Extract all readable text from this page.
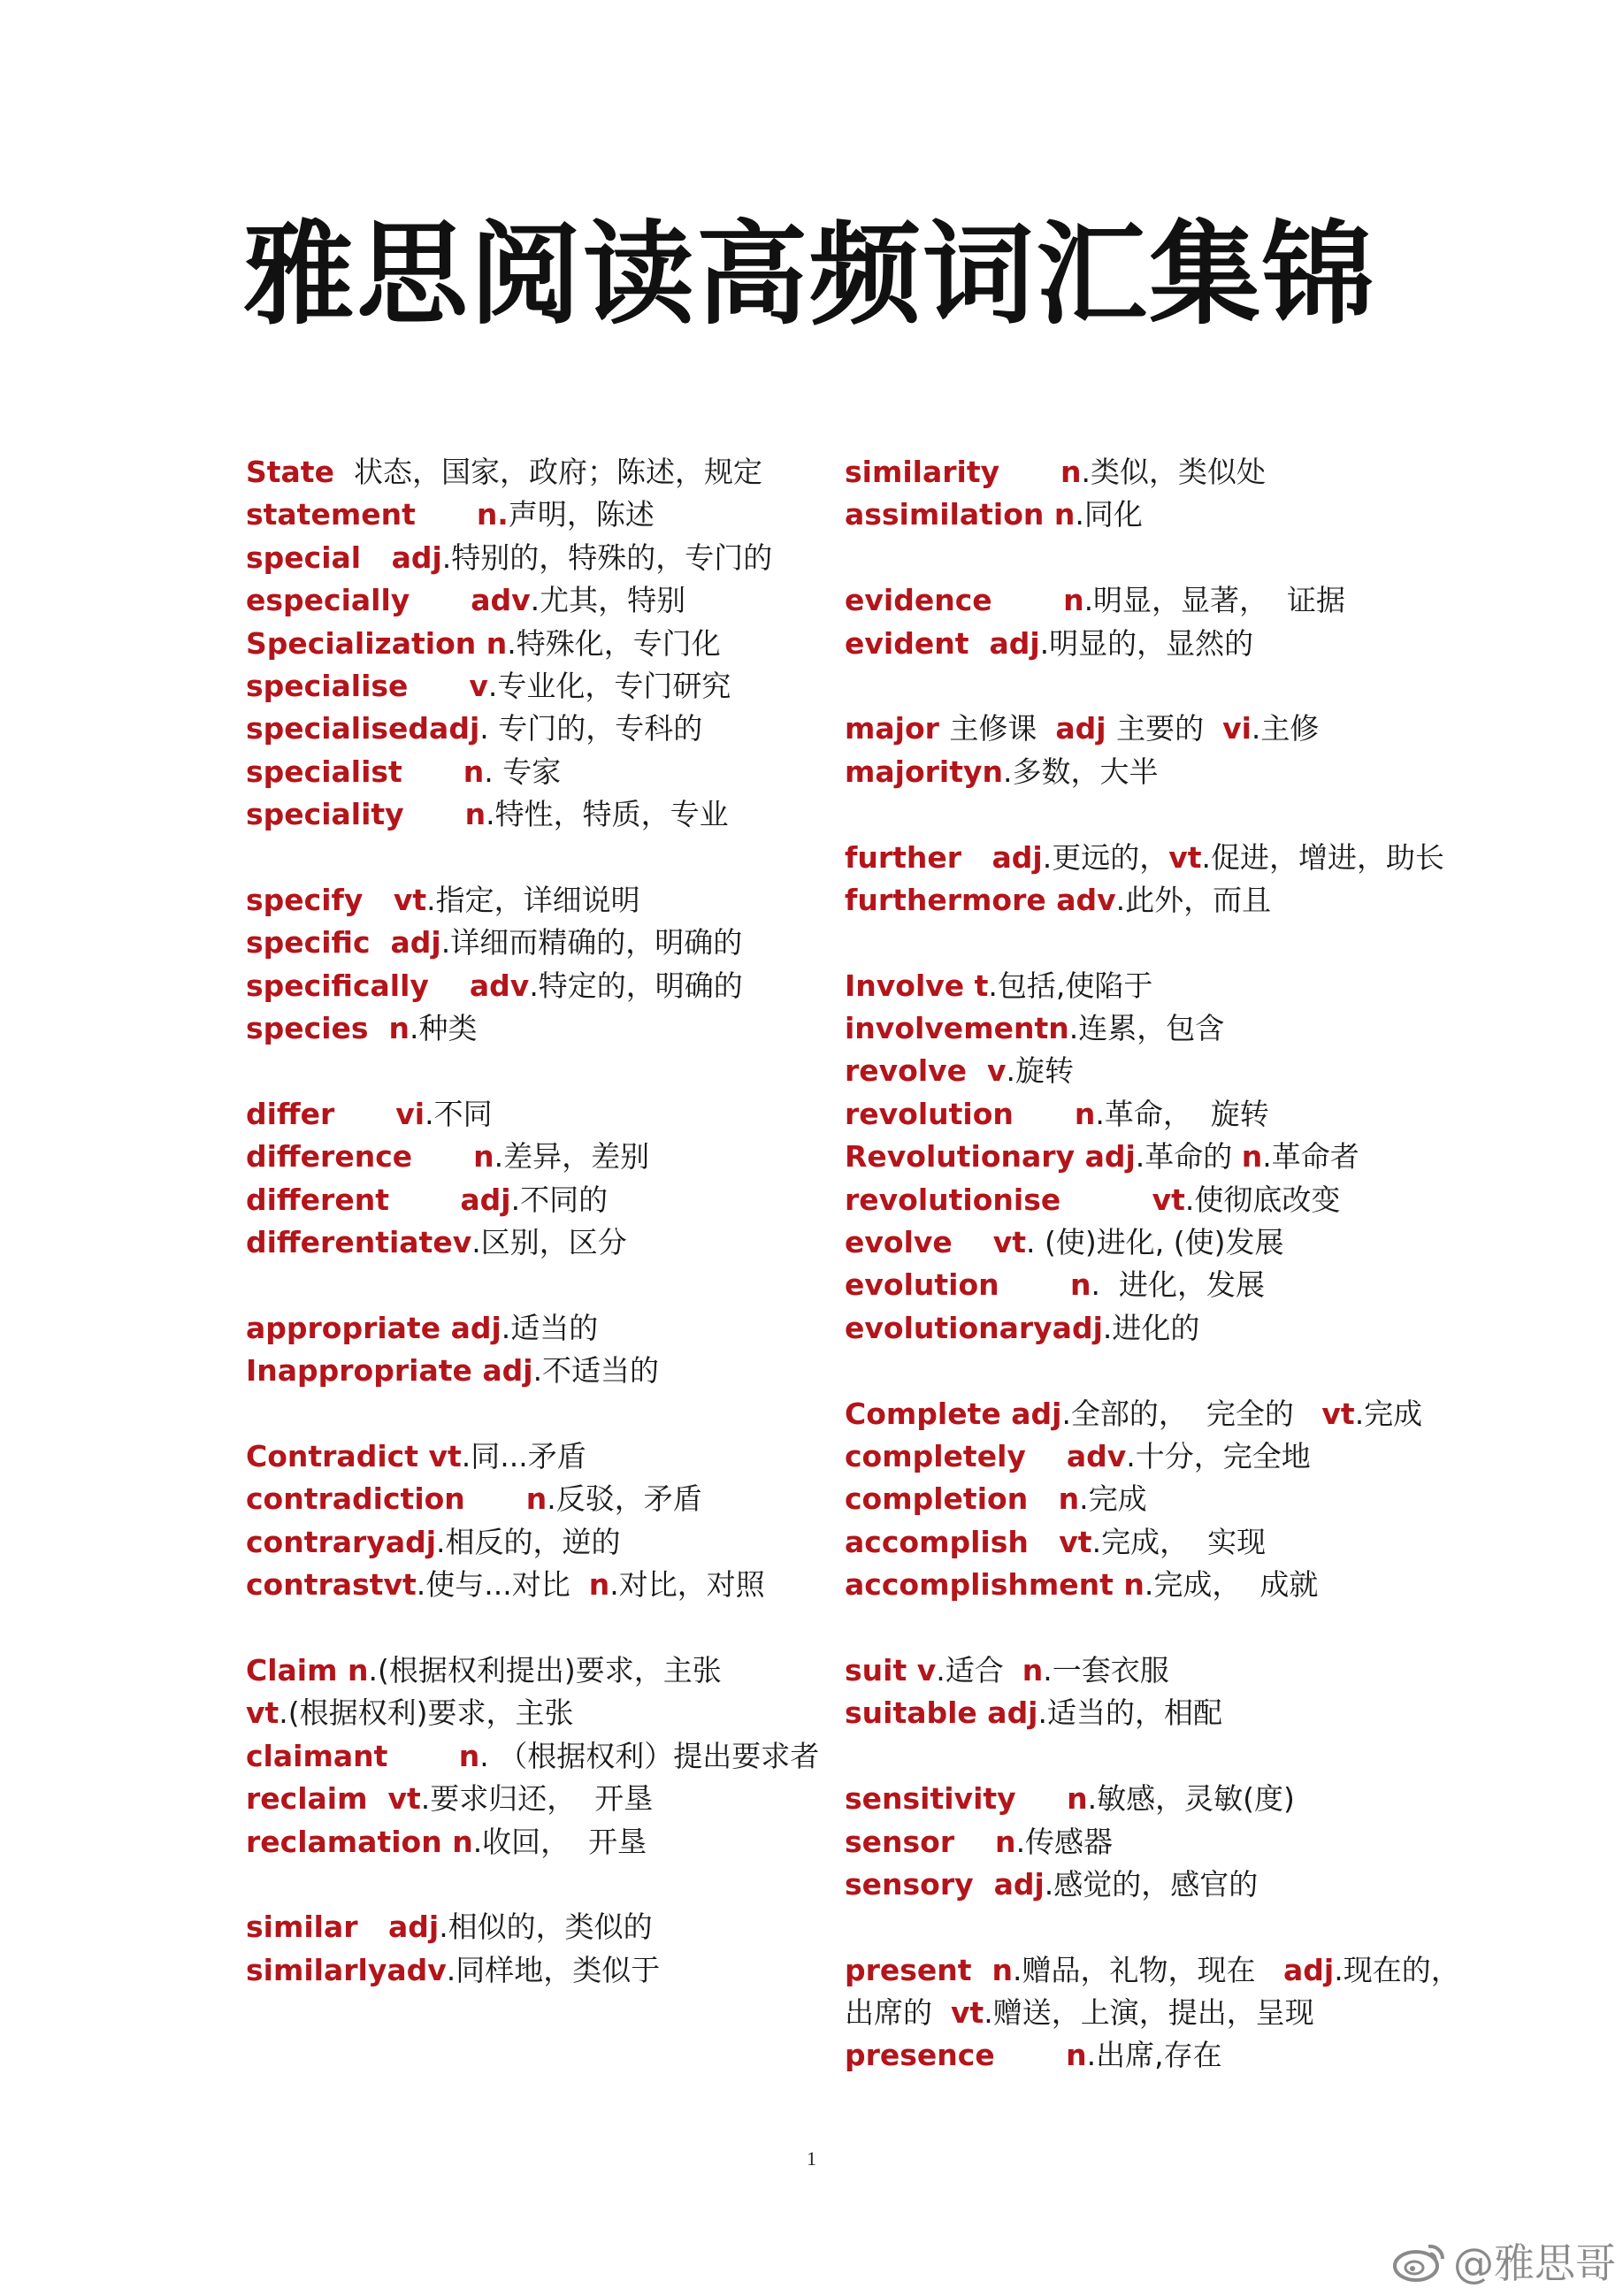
雅思阅读高频词汇集锦
State  状态，国家，政府；陈述，规定
statement      n.声明，陈述
special   adj.特别的，特殊的，专门的
especially      adv.尤其，特别
Specialization n.特殊化，专门化
specialise      v.专业化，专门研究
specialisedadj. 专门的，专科的
specialist      n. 专家
speciality      n.特性，特质，专业
specify   vt.指定，详细说明
specific  adj.详细而精确的，明确的
specifically    adv.特定的，明确的
species  n.种类
differ      vi.不同
difference      n.差异，差别
different       adj.不同的
differentiatev.区别，区分
appropriate adj.适当的
Inappropriate adj.不适当的
Contradict vt.同...矛盾
contradiction      n.反驳，矛盾
contraryadj.相反的，逆的
contrastvt.使与...对比  n.对比，对照
Claim n.(根据权利提出)要求，主张
vt.(根据权利)要求，主张
claimant       n. （根据权利）提出要求者
reclaim  vt.要求归还，  开垦
reclamation n.收回，  开垦
similar   adj.相似的，类似的
similarlyadv.同样地，类似于
similarity      n.类似，类似处
assimilation n.同化
evidence       n.明显，显著，  证据
evident  adj.明显的，显然的
major 主修课  adj 主要的  vi.主修
majorityn.多数，大半
further   adj.更远的，vt.促进，增进，助长
furthermore adv.此外，而且
Involve t.包括,使陷于
involvementn.连累，包含
revolve  v.旋转
revolution      n.革命，  旋转
Revolutionary adj.革命的 n.革命者
revolutionise         vt.使彻底改变
evolve    vt. (使)进化, (使)发展
evolution       n.  进化，发展
evolutionaryadj.进化的
Complete adj.全部的，  完全的   vt.完成
completely    adv.十分，完全地
completion   n.完成
accomplish   vt.完成，  实现
accomplishment n.完成，  成就
suit v.适合  n.一套衣服
suitable adj.适当的，相配
sensitivity     n.敏感，灵敏(度)
sensor    n.传感器
sensory  adj.感觉的，感官的
present  n.赠品，礼物，现在   adj.现在的，
出席的  vt.赠送，上演，提出，呈现
presence       n.出席,存在
1
@雅思哥
